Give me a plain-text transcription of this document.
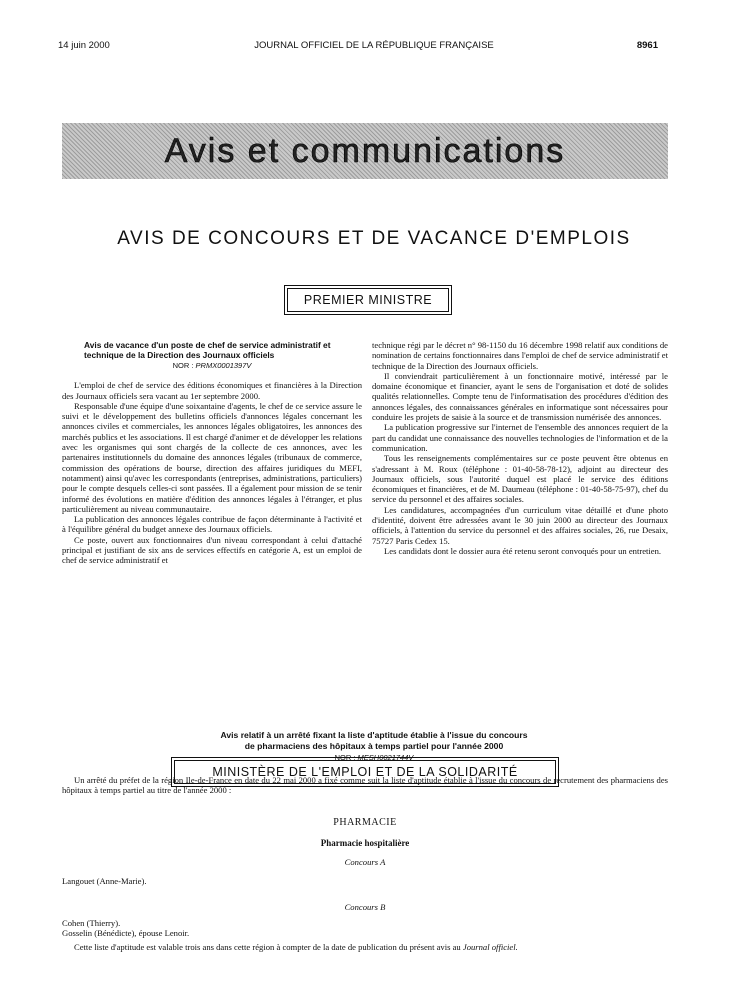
14 juin 2000	JOURNAL OFFICIEL DE LA RÉPUBLIQUE FRANÇAISE	8961
Avis et communications
AVIS DE CONCOURS ET DE VACANCE D'EMPLOIS
PREMIER MINISTRE
Avis de vacance d'un poste de chef de service administratif et technique de la Direction des Journaux officiels
NOR : PRMX0001397V

L'emploi de chef de service des éditions économiques et financières à la Direction des Journaux officiels sera vacant au 1er septembre 2000.

Responsable d'une équipe d'une soixantaine d'agents, le chef de ce service assure le suivi et le développement des bulletins officiels d'annonces légales concernant les annonces civiles et commerciales, les annonces légales obligatoires, les annonces des marchés publics et les associations. Il est chargé d'animer et de développer les relations avec les organismes qui sont chargés de la collecte de ces annonces, avec les partenaires institutionnels du domaine des annonces légales (tribunaux de commerce, commission des opérations de bourse, direction des affaires juridiques du MEFI, notamment) ainsi qu'avec les correspondants (entreprises, administrations, particuliers) pour le compte desquels celles-ci sont passées. Il a également pour mission de se tenir informé des évolutions en matière d'édition des annonces légales à l'étranger, et plus particulièrement au niveau communautaire.

La publication des annonces légales contribue de façon déterminante à l'activité et à l'équilibre général du budget annexe des Journaux officiels.

Ce poste, ouvert aux fonctionnaires d'un niveau correspondant à celui d'attaché principal et justifiant de six ans de services effectifs en catégorie A, est un emploi de chef de service administratif et

technique régi par le décret n° 98-1150 du 16 décembre 1998 relatif aux conditions de nomination de certains fonctionnaires dans l'emploi de chef de service administratif et technique de la Direction des Journaux officiels.

Il conviendrait particulièrement à un fonctionnaire motivé, intéressé par le domaine économique et financier, ayant le sens de l'organisation et doté de solides qualités relationnelles. Compte tenu de l'informatisation des procédures d'édition des annonces légales, des connaissances générales en informatique sont nécessaires pour conduire les projets de saisie à la source et de transmission numérisée des annonces.

La publication progressive sur l'internet de l'ensemble des annonces requiert de la part du candidat une connaissance des nouvelles technologies de l'information et de la communication.

Tous les renseignements complémentaires sur ce poste peuvent être obtenus en s'adressant à M. Roux (téléphone : 01-40-58-78-12), adjoint au directeur des Journaux officiels, sous l'autorité duquel est placé le service des éditions économiques et financières, et de M. Daumeau (téléphone : 01-40-58-75-97), chef du service du personnel et des affaires sociales.

Les candidatures, accompagnées d'un curriculum vitae détaillé et d'une photo d'identité, doivent être adressées avant le 30 juin 2000 au directeur des Journaux officiels, à l'attention du service du personnel et des affaires sociales, 26, rue Desaix, 75727 Paris Cedex 15.

Les candidats dont le dossier aura été retenu seront convoqués pour un entretien.

MINISTÈRE DE L'EMPLOI ET DE LA SOLIDARITÉ
Avis relatif à un arrêté fixant la liste d'aptitude établie à l'issue du concours
de pharmaciens des hôpitaux à temps partiel pour l'année 2000
NOR : MESH0021744V
Un arrêté du préfet de la région Ile-de-France en date du 22 mai 2000 a fixé comme suit la liste d'aptitude établie à l'issue du concours de recrutement des pharmaciens des hôpitaux à temps partiel au titre de l'année 2000 :
PHARMACIE
Pharmacie hospitalière
Concours A
Langouet (Anne-Marie).
Concours B
Cohen (Thierry).
Gosselin (Bénédicte), épouse Lenoir.
Cette liste d'aptitude est valable trois ans dans cette région à compter de la date de publication du présent avis au Journal officiel.
